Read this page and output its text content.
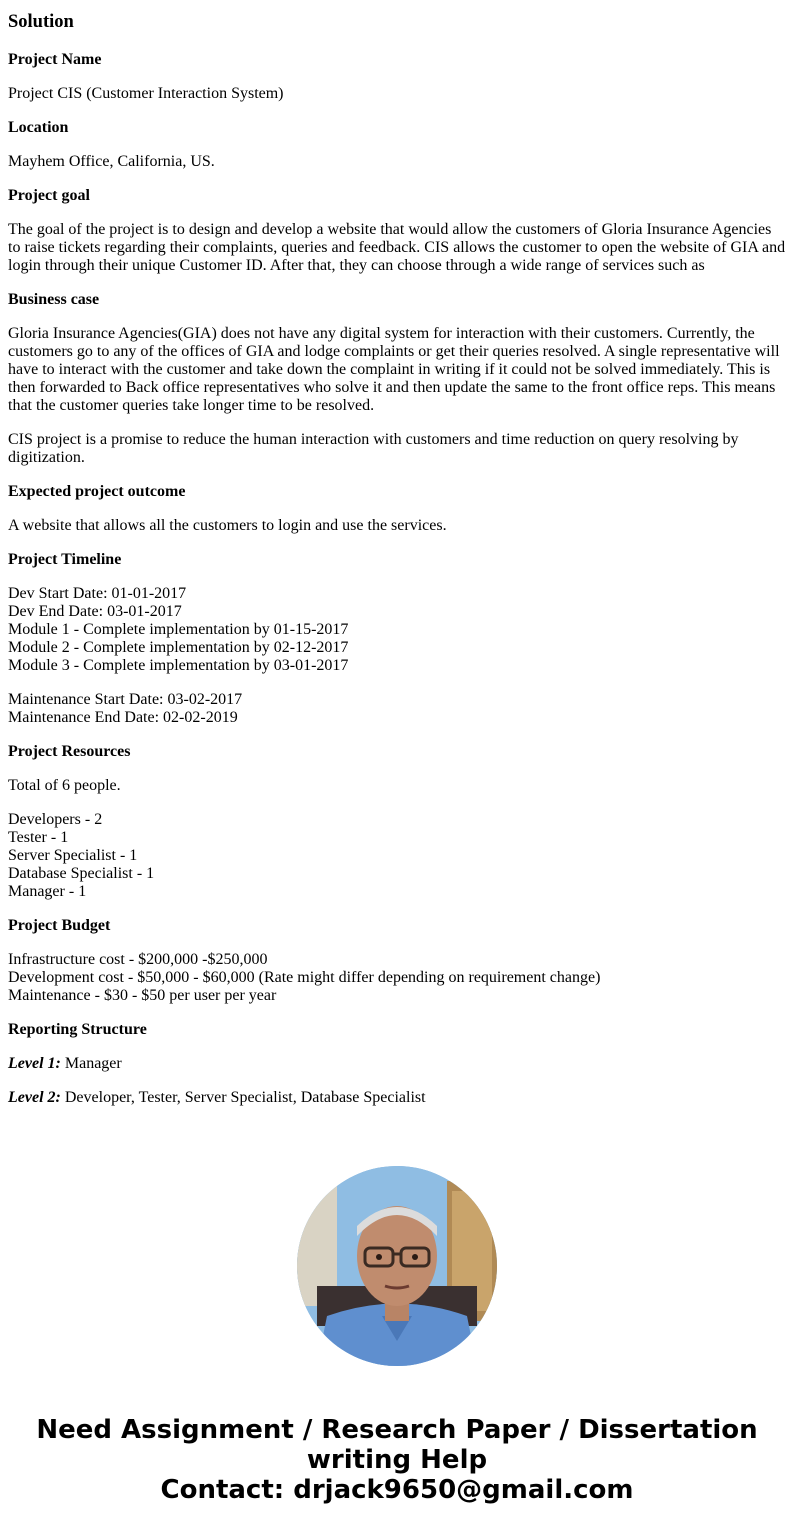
Solution

Project Name

Project CIS (Customer Interaction System)

Location

Mayhem Office, California, US.

Project goal

The goal of the project is to design and develop a website that would allow the customers of Gloria Insurance Agencies to raise tickets regarding their complaints, queries and feedback. CIS allows the customer to open the website of GIA and login through their unique Customer ID. After that, they can choose through a wide range of services such as

Business case

Gloria Insurance Agencies(GIA) does not have any digital system for interaction with their customers. Currently, the customers go to any of the offices of GIA and lodge complaints or get their queries resolved. A single representative will have to interact with the customer and take down the complaint in writing if it could not be solved immediately. This is then forwarded to Back office representatives who solve it and then update the same to the front office reps. This means that the customer queries take longer time to be resolved.

CIS project is a promise to reduce the human interaction with customers and time reduction on query resolving by digitization.

Expected project outcome

A website that allows all the customers to login and use the services.

Project Timeline

Dev Start Date: 01-01-2017
Dev End Date: 03-01-2017
Module 1 - Complete implementation by 01-15-2017
Module 2 - Complete implementation by 02-12-2017
Module 3 - Complete implementation by 03-01-2017

Maintenance Start Date: 03-02-2017
Maintenance End Date: 02-02-2019

Project Resources

Total of 6 people.

Developers - 2
Tester - 1
Server Specialist - 1
Database Specialist - 1
Manager - 1

Project Budget

Infrastructure cost - $200,000 -$250,000
Development cost - $50,000 - $60,000 (Rate might differ depending on requirement change)
Maintenance - $30 - $50 per user per year

Reporting Structure

Level 1: Manager

Level 2: Developer, Tester, Server Specialist, Database Specialist

Need Assignment / Research Paper / Dissertation
writing Help
Contact: drjack9650@gmail.com
